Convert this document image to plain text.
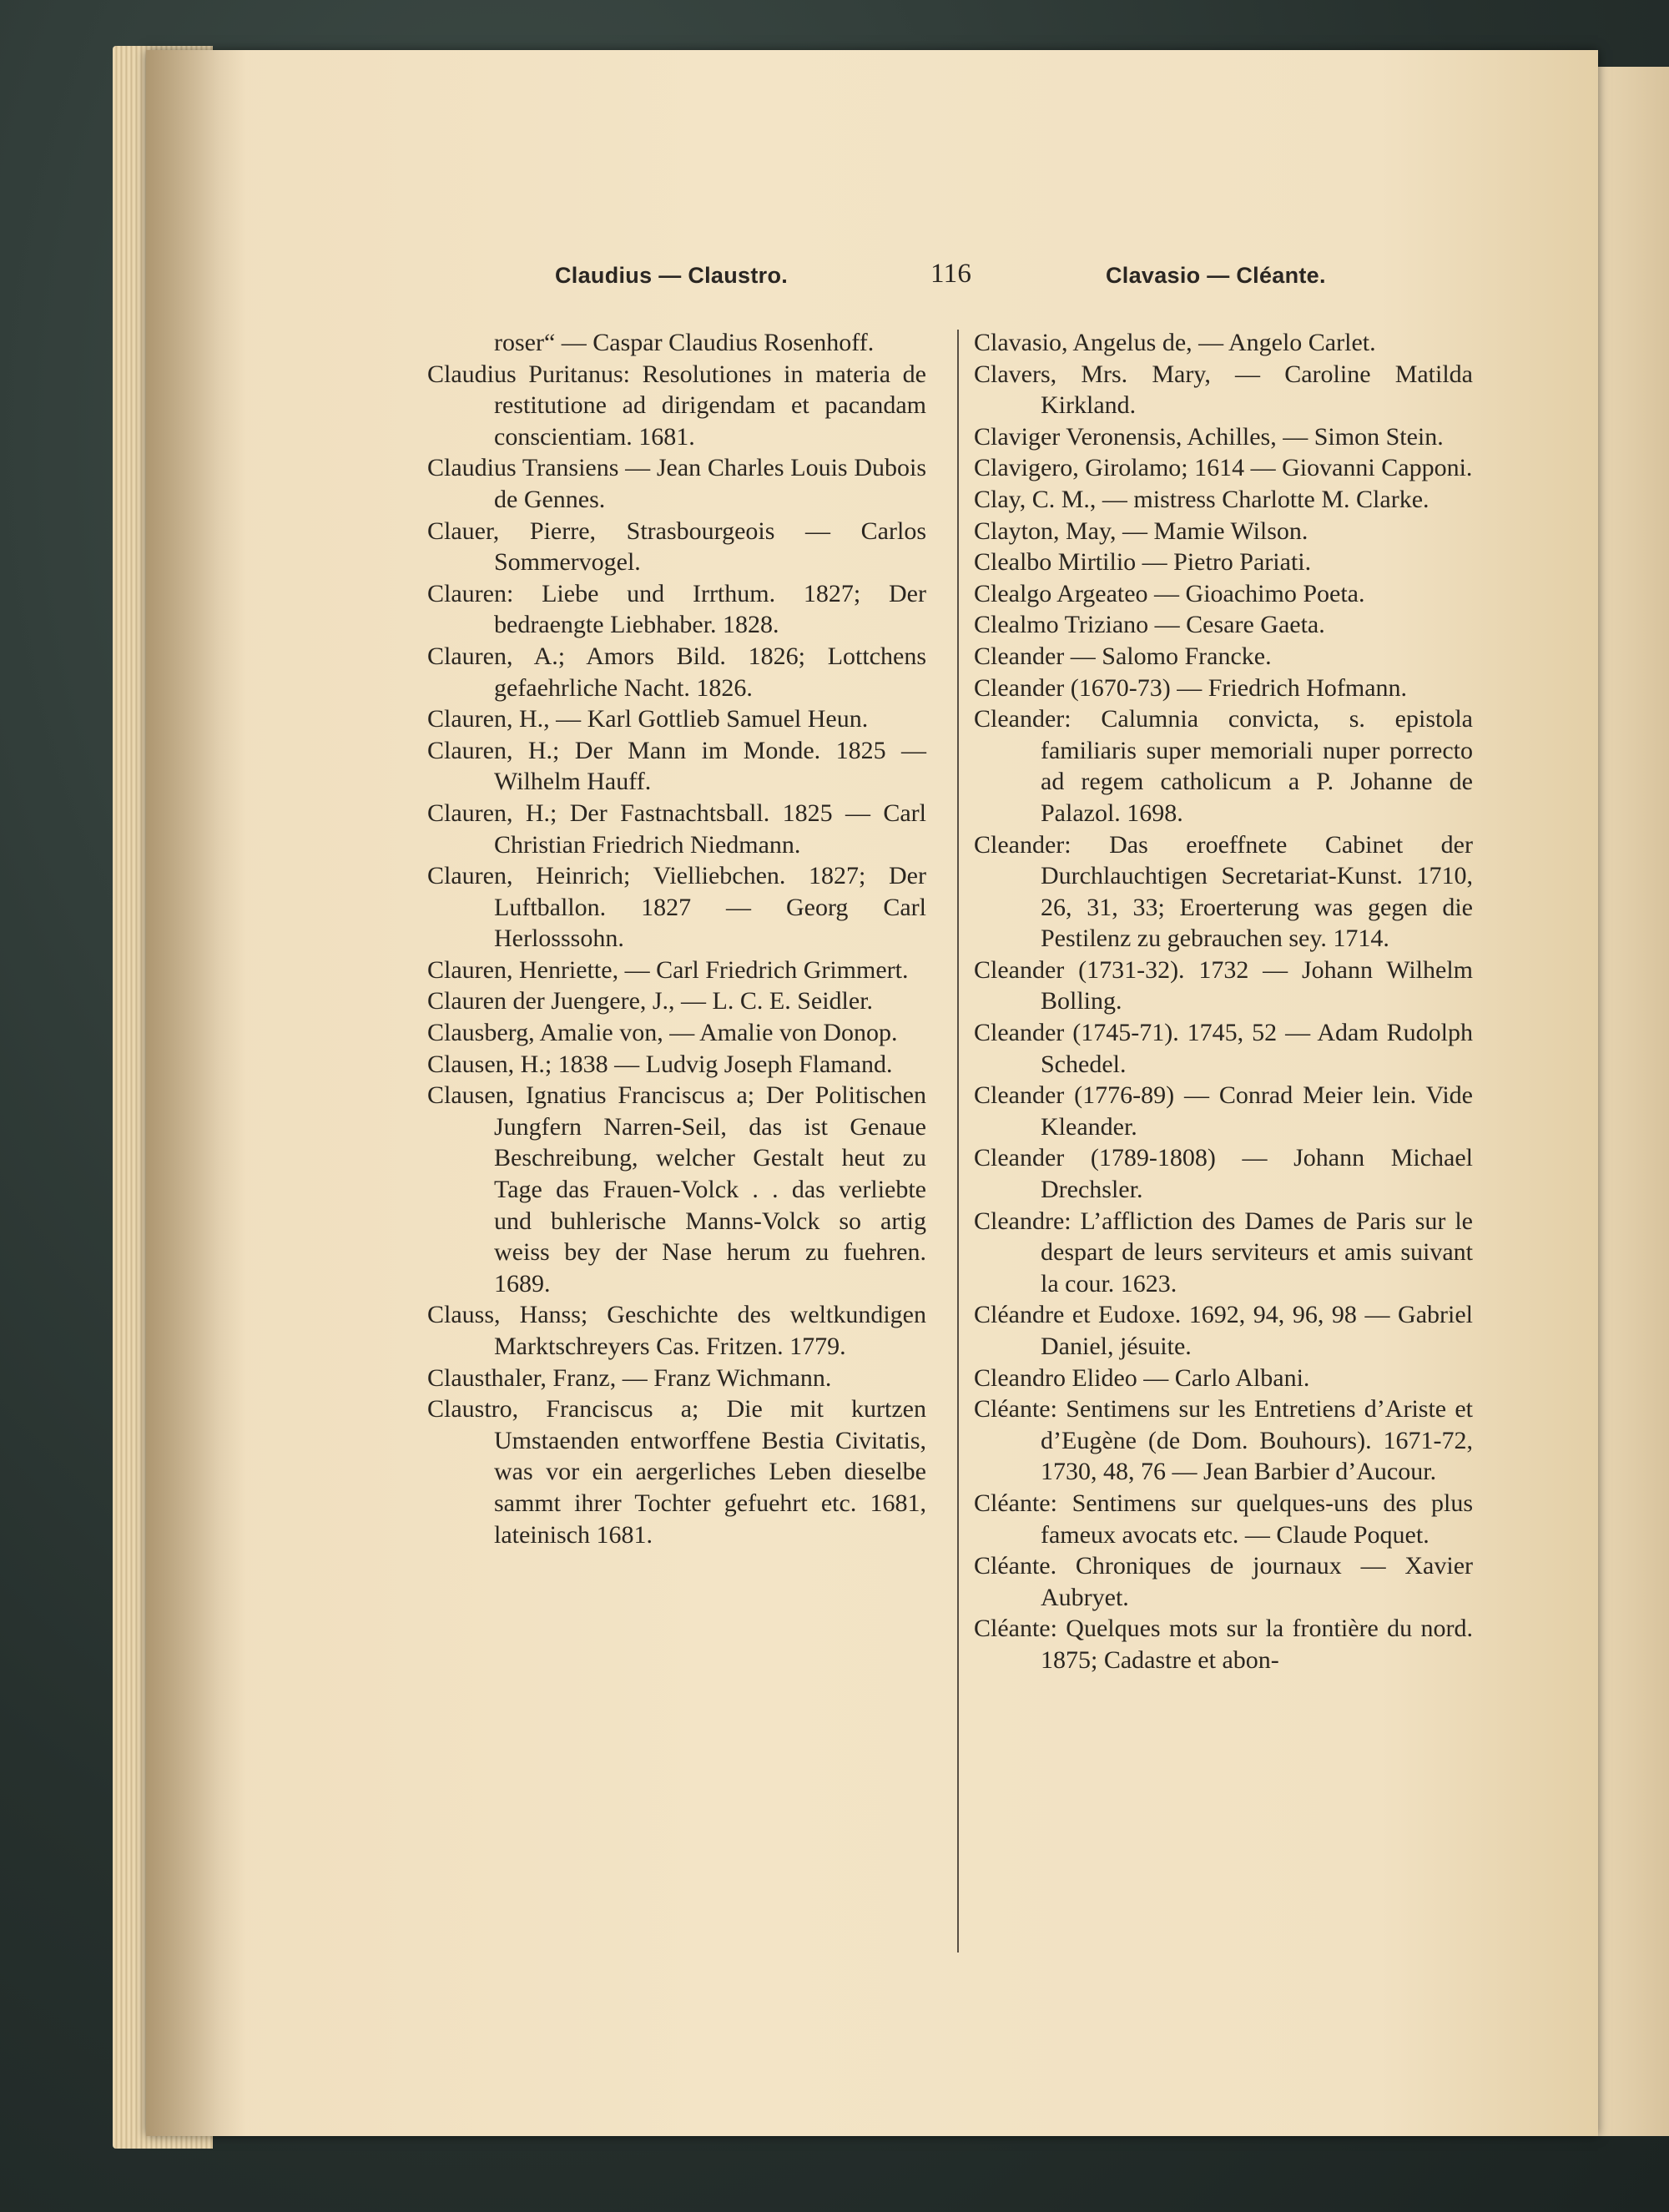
Claudius — Claustro.	116	Clavasio — Cléante.

roser“ — Caspar Claudius Rosenhoff.

Claudius Puritanus: Resolutiones in materia de restitutione ad dirigendam et pacandam conscientiam. 1681.

Claudius Transiens — Jean Charles Louis Dubois de Gennes.

Clauer, Pierre, Strasbourgeois — Carlos Sommervogel.

Clauren: Liebe und Irrthum. 1827; Der bedraengte Liebhaber. 1828.

Clauren, A.; Amors Bild. 1826; Lottchens gefaehrliche Nacht. 1826.

Clauren, H., — Karl Gottlieb Samuel Heun.

Clauren, H.; Der Mann im Monde. 1825 — Wilhelm Hauff.

Clauren, H.; Der Fastnachtsball. 1825 — Carl Christian Friedrich Niedmann.

Clauren, Heinrich; Vielliebchen. 1827; Der Luftballon. 1827 — Georg Carl Herlosssohn.

Clauren, Henriette, — Carl Friedrich Grimmert.

Clauren der Juengere, J., — L. C. E. Seidler.

Clausberg, Amalie von, — Amalie von Donop.

Clausen, H.; 1838 — Ludvig Joseph Flamand.

Clausen, Ignatius Franciscus a; Der Politischen Jungfern Narren-Seil, das ist Genaue Beschreibung, welcher Gestalt heut zu Tage das Frauen-Volck . . das verliebte und buhlerische Manns-Volck so artig weiss bey der Nase herum zu fuehren. 1689.

Clauss, Hanss; Geschichte des weltkundigen Marktschreyers Cas. Fritzen. 1779.

Clausthaler, Franz, — Franz Wichmann.

Claustro, Franciscus a; Die mit kurtzen Umstaenden entworffene Bestia Civitatis, was vor ein aergerliches Leben dieselbe sammt ihrer Tochter gefuehrt etc. 1681, lateinisch 1681.

Clavasio, Angelus de, — Angelo Carlet.

Clavers, Mrs. Mary, — Caroline Matilda Kirkland.

Claviger Veronensis, Achilles, — Simon Stein.

Clavigero, Girolamo; 1614 — Giovanni Capponi.

Clay, C. M., — mistress Charlotte M. Clarke.

Clayton, May, — Mamie Wilson.

Clealbo Mirtilio — Pietro Pariati.

Clealgo Argeateo — Gioachimo Poeta.

Clealmo Triziano — Cesare Gaeta.

Cleander — Salomo Francke.

Cleander (1670-73) — Friedrich Hofmann.

Cleander: Calumnia convicta, s. epistola familiaris super memoriali nuper porrecto ad regem catholicum a P. Johanne de Palazol. 1698.

Cleander: Das eroeffnete Cabinet der Durchlauchtigen Secretariat-Kunst. 1710, 26, 31, 33; Eroerterung was gegen die Pestilenz zu gebrauchen sey. 1714.

Cleander (1731-32). 1732 — Johann Wilhelm Bolling.

Cleander (1745-71). 1745, 52 — Adam Rudolph Schedel.

Cleander (1776-89) — Conrad Meier lein. Vide Kleander.

Cleander (1789-1808) — Johann Michael Drechsler.

Cleandre: L’affliction des Dames de Paris sur le despart de leurs serviteurs et amis suivant la cour. 1623.

Cléandre et Eudoxe. 1692, 94, 96, 98 — Gabriel Daniel, jésuite.

Cleandro Elideo — Carlo Albani.

Cléante: Sentimens sur les Entretiens d’Ariste et d’Eugène (de Dom. Bouhours). 1671-72, 1730, 48, 76 — Jean Barbier d’Aucour.

Cléante: Sentimens sur quelques-uns des plus fameux avocats etc. — Claude Poquet.

Cléante. Chroniques de journaux — Xavier Aubryet.

Cléante: Quelques mots sur la frontière du nord. 1875; Cadastre et abon-
